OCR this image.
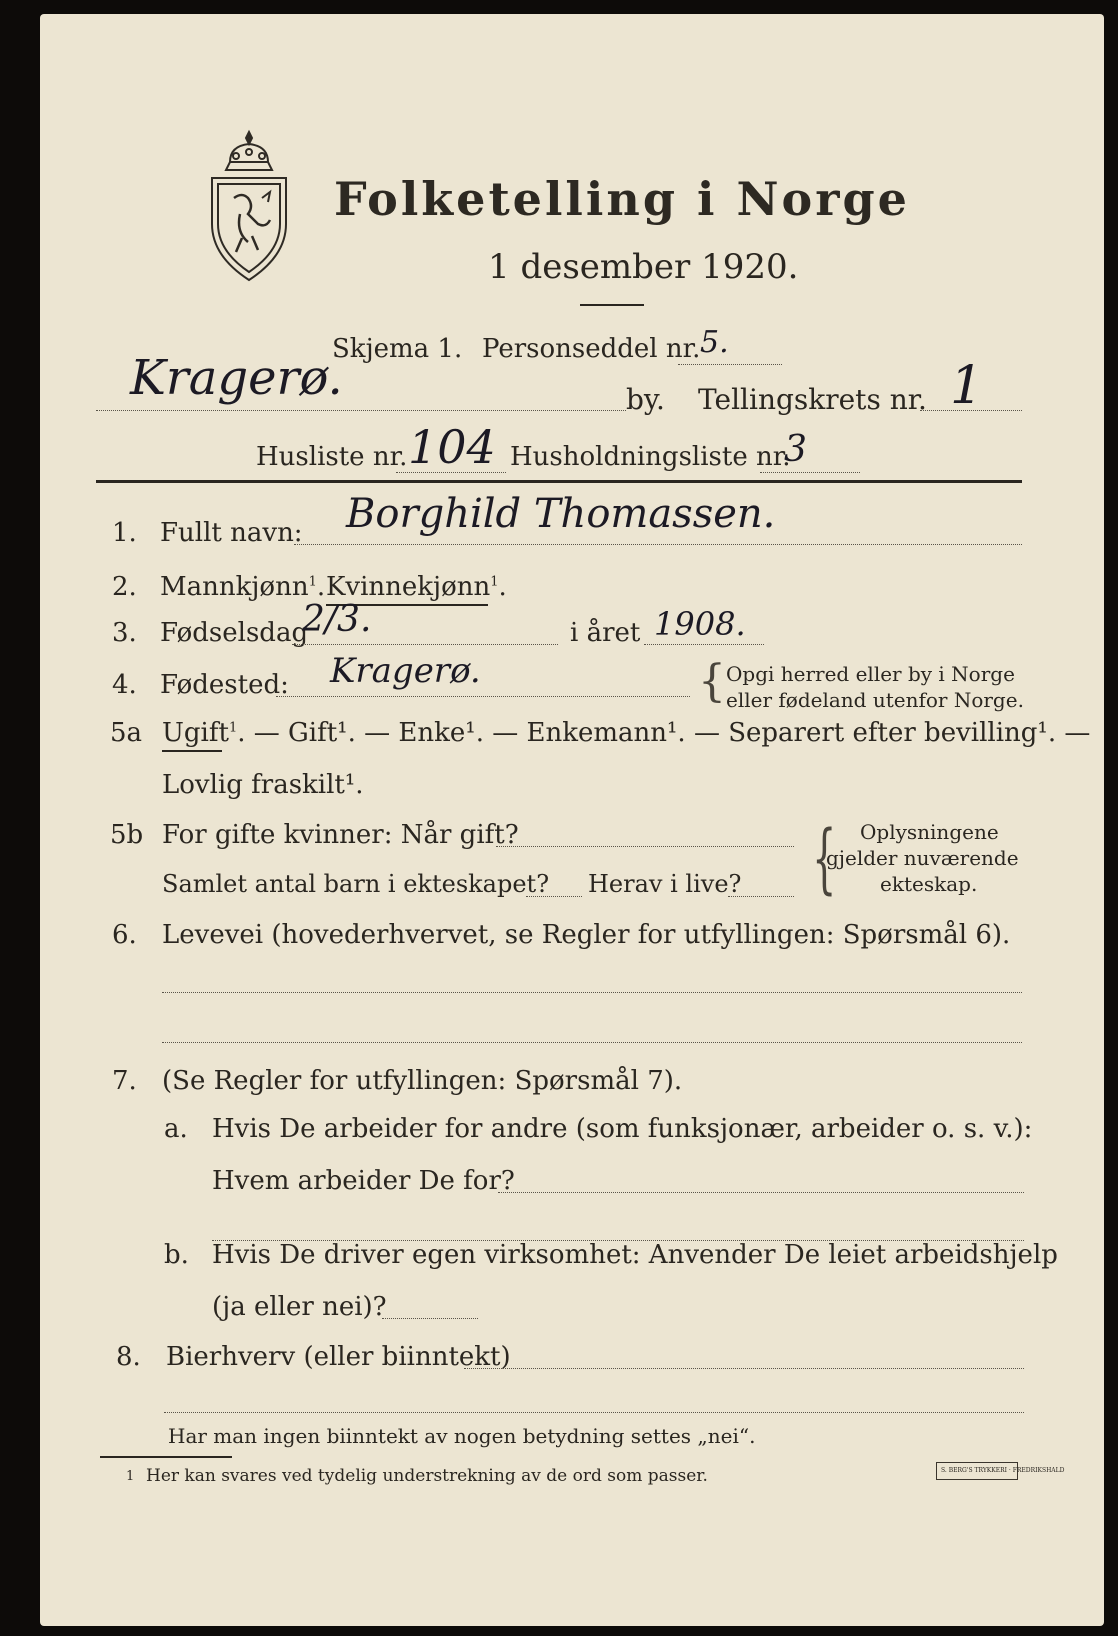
Folketelling i Norge
1 desember 1920.
Skjema 1. Personseddel nr. 5.
Kragerø.	by. Tellingskrets nr. 1
Husliste nr. 104 Husholdningsliste nr.
3
1. Fullt navn: Borghild Thomassen.
2. Mannkjønn$^1$. Kvinnekjønn$^1$.
3. Fødselsdag
2/3.	i året 1908.
4. Fødested: Kragerø.	{ Opgi herred eller by i Norge
eller fødeland utenfor Norge.
5a Ugift$^1$. — Gift¹. — Enke¹. — Enkemann¹. — Separert efter bevilling¹. —
Lovlig fraskilt¹.
5b For gifte kvinner: Når gift?
Samlet antal barn i ekteskapet? Herav i live? { Oplysningene
gjelder nuværende
ekteskap.
6. Levevei (hovederhvervet, se Regler for utfyllingen: Spørsmål 6).
7. (Se Regler for utfyllingen: Spørsmål 7).
a. Hvis De arbeider for andre (som funksjonær, arbeider o. s. v.):
Hvem arbeider De for?
b. Hvis De driver egen virksomhet: Anvender De leiet arbeidshjelp
(ja eller nei)?
8. Bierhverv (eller biinntekt)
Har man ingen biinntekt av nogen betydning settes „nei“.
1 Her kan svares ved tydelig understrekning av de ord som passer.	S. BERG'S TRYKKERI · FREDRIKSHALD
